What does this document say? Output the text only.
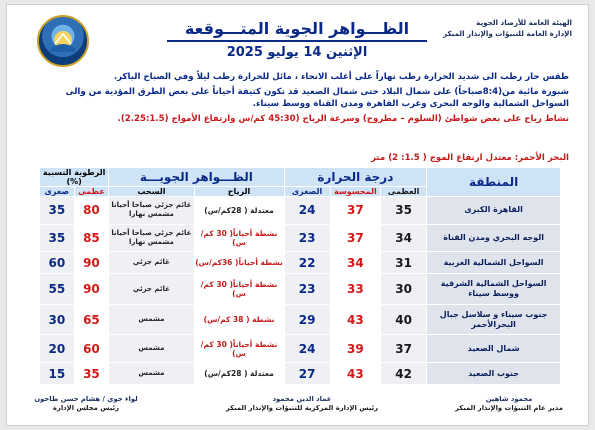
الهيئة العامة للأرصاد الجوية
الإدارة العامة للتنبؤات والإنذار المبكر
الظـــواهر الجوية المتـــوقعة
الإثنين 14 يوليو 2025

طقس حار رطب الى شديد الحرارة رطب نهاراً على أغلب الانحاء ، مائل للحرارة رطب ليلاً وفي الصباح الباكر.

شبورة مائية من(8:4صباحاً) على شمال البلاد حتى شمال الصعيد قد تكون كثيفة أحياناً على بعض الطرق المؤدية من والى السواحل الشمالية والوجه البحرى وغرب القاهرة ومدن القناة ووسط سيناء.

نشاط رياح على بعض شواطئ (السلوم – مطروح) وسرعة الرياح (45:30 كم/س وارتفاع الأمواج (2.25:1.5).

البحر الأحمر: معتدل ارتفاع الموج ( 1.5: 2) متر
المنطقة	درجة الحرارة			الظـــواهر الجويـــة		الرطوبة النسبية (%)	
	العظمى	المحسوسة	الصغرى	الرياح	السحب	عظمى	صغرى
القاهرة الكبرى	35	37	24	معتدلة ( 28كم/س)	غائم جزئي صباحا أحيانا مشمس نهارا	80	35
الوجه البحري ومدن القناة	34	37	23	نشطة أحياناً( 30 كم/س)	غائم جزئي صباحا أحيانا مشمس نهارا	85	35
السواحل الشمالية الغربية	31	34	22	نشطة أحياناً( 36كم/س)	غائم جزئي	90	60
السواحل الشمالية الشرقية ووسط سيناء	30	33	23	نشطة أحياناً( 30 كم/س)	غائم جزئي	90	55
جنوب سيناء و سلاسل جبال البحرالأحمر	40	43	29	نشطة ( 38 كم/س)	مشمس	65	30
شمال الصعيد	37	39	24	نشطة أحياناً( 30 كم/س)	مشمس	60	20
جنوب الصعيد	42	43	27	معتدلة ( 28كم/س)	مشمس	35	15
محمود شاهين
مدير عام التنبؤات والإنذار المبكر
عماد الدين محمود
رئيس الإدارة المركزية للتنبؤات والإنذار المبكر
لواء جوي / هشام حسن طاحون
رئيس مجلس الإدارة
